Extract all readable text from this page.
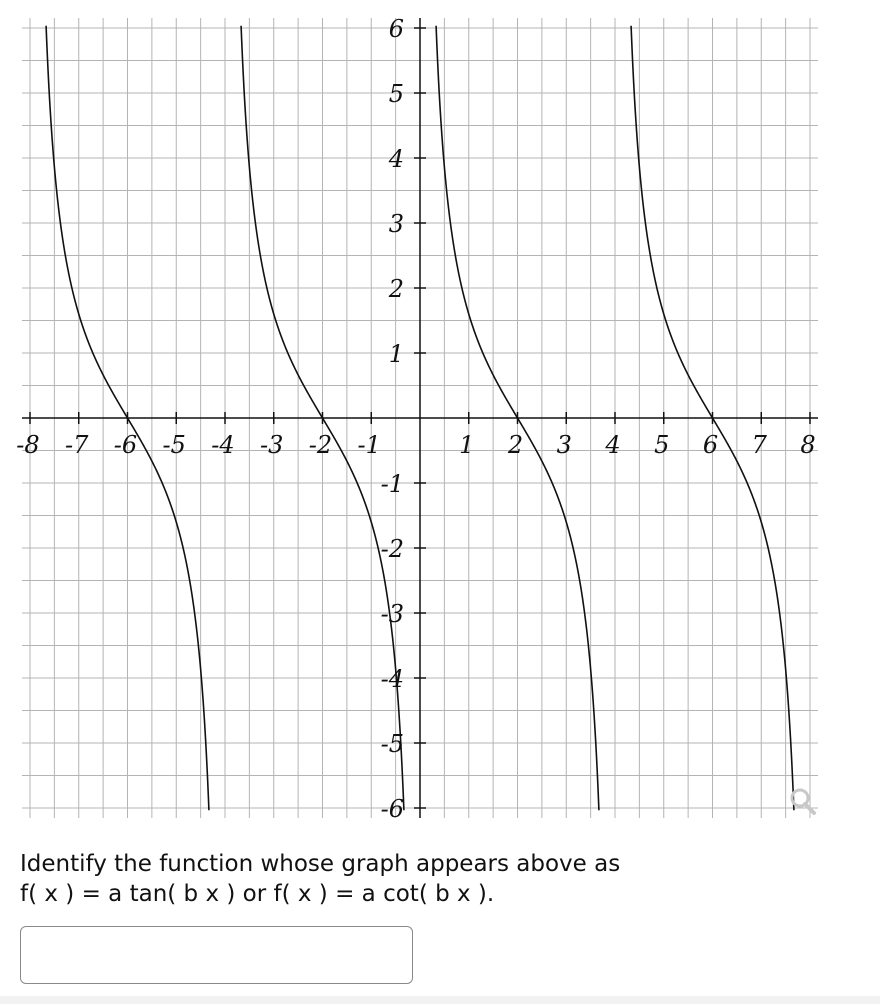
-8 -7 -6 -5 -4 -3 -2 -1	1 2 3 4 5 6 7 8
6
5
4
3
2
1
-1
-2
-3
-4
-5
-6
Identify the function whose graph appears above as
f( x ) = a tan( b x ) or f( x ) = a cot( b x ).
